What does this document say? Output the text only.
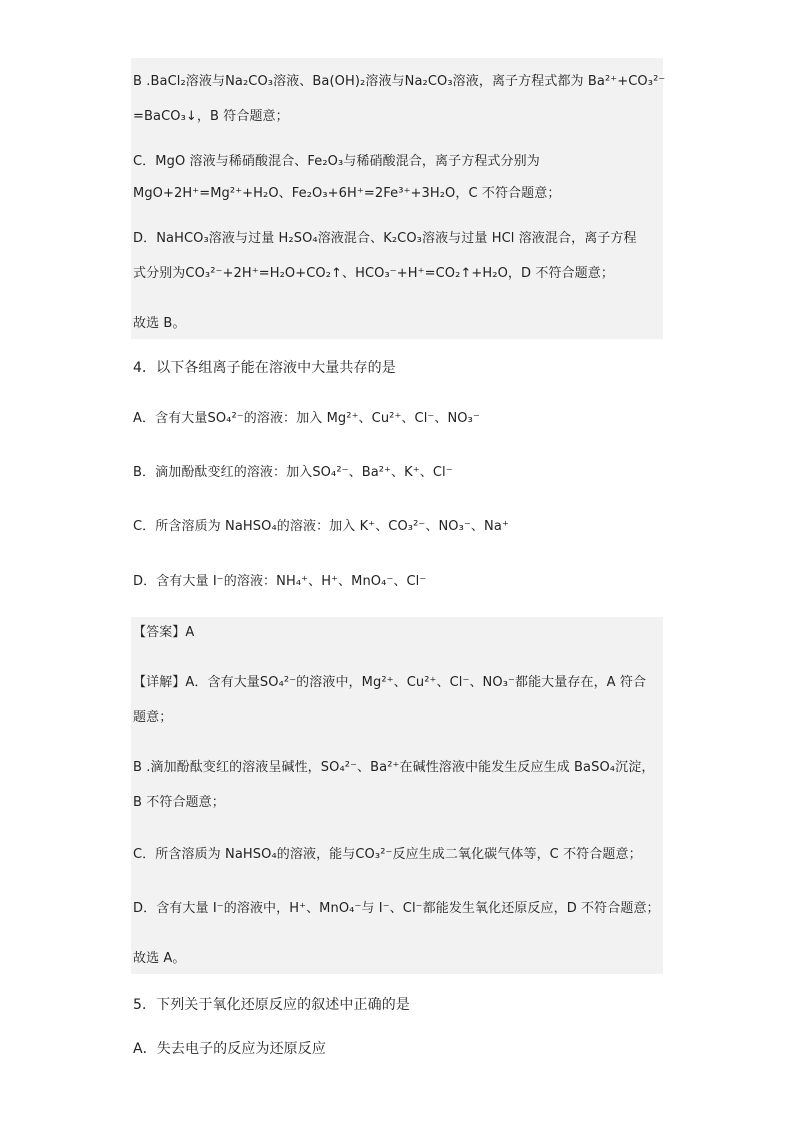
B .BaCl₂溶液与Na₂CO₃溶液、Ba(OH)₂溶液与Na₂CO₃溶液，离子方程式都为 Ba²⁺+CO₃²⁻
=BaCO₃↓，B 符合题意；
C．MgO 溶液与稀硝酸混合、Fe₂O₃与稀硝酸混合，离子方程式分别为
MgO+2H⁺=Mg²⁺+H₂O、Fe₂O₃+6H⁺=2Fe³⁺+3H₂O，C 不符合题意；
D．NaHCO₃溶液与过量 H₂SO₄溶液混合、K₂CO₃溶液与过量 HCl 溶液混合，离子方程
式分别为CO₃²⁻+2H⁺=H₂O+CO₂↑、HCO₃⁻+H⁺=CO₂↑+H₂O，D 不符合题意；
故选 B。
4．以下各组离子能在溶液中大量共存的是
A．含有大量SO₄²⁻的溶液：加入 Mg²⁺、Cu²⁺、Cl⁻、NO₃⁻
B．滴加酚酞变红的溶液：加入SO₄²⁻、Ba²⁺、K⁺、Cl⁻
C．所含溶质为 NaHSO₄的溶液：加入 K⁺、CO₃²⁻、NO₃⁻、Na⁺
D．含有大量 I⁻的溶液：NH₄⁺、H⁺、MnO₄⁻、Cl⁻
【答案】A
【详解】A．含有大量SO₄²⁻的溶液中，Mg²⁺、Cu²⁺、Cl⁻、NO₃⁻都能大量存在，A 符合
题意；
B .滴加酚酞变红的溶液呈碱性，SO₄²⁻、Ba²⁺在碱性溶液中能发生反应生成 BaSO₄沉淀，
B 不符合题意；
C．所含溶质为 NaHSO₄的溶液，能与CO₃²⁻反应生成二氧化碳气体等，C 不符合题意；
D．含有大量 I⁻的溶液中，H⁺、MnO₄⁻与 I⁻、Cl⁻都能发生氧化还原反应，D 不符合题意；
故选 A。
5．下列关于氧化还原反应的叙述中正确的是
A．失去电子的反应为还原反应
